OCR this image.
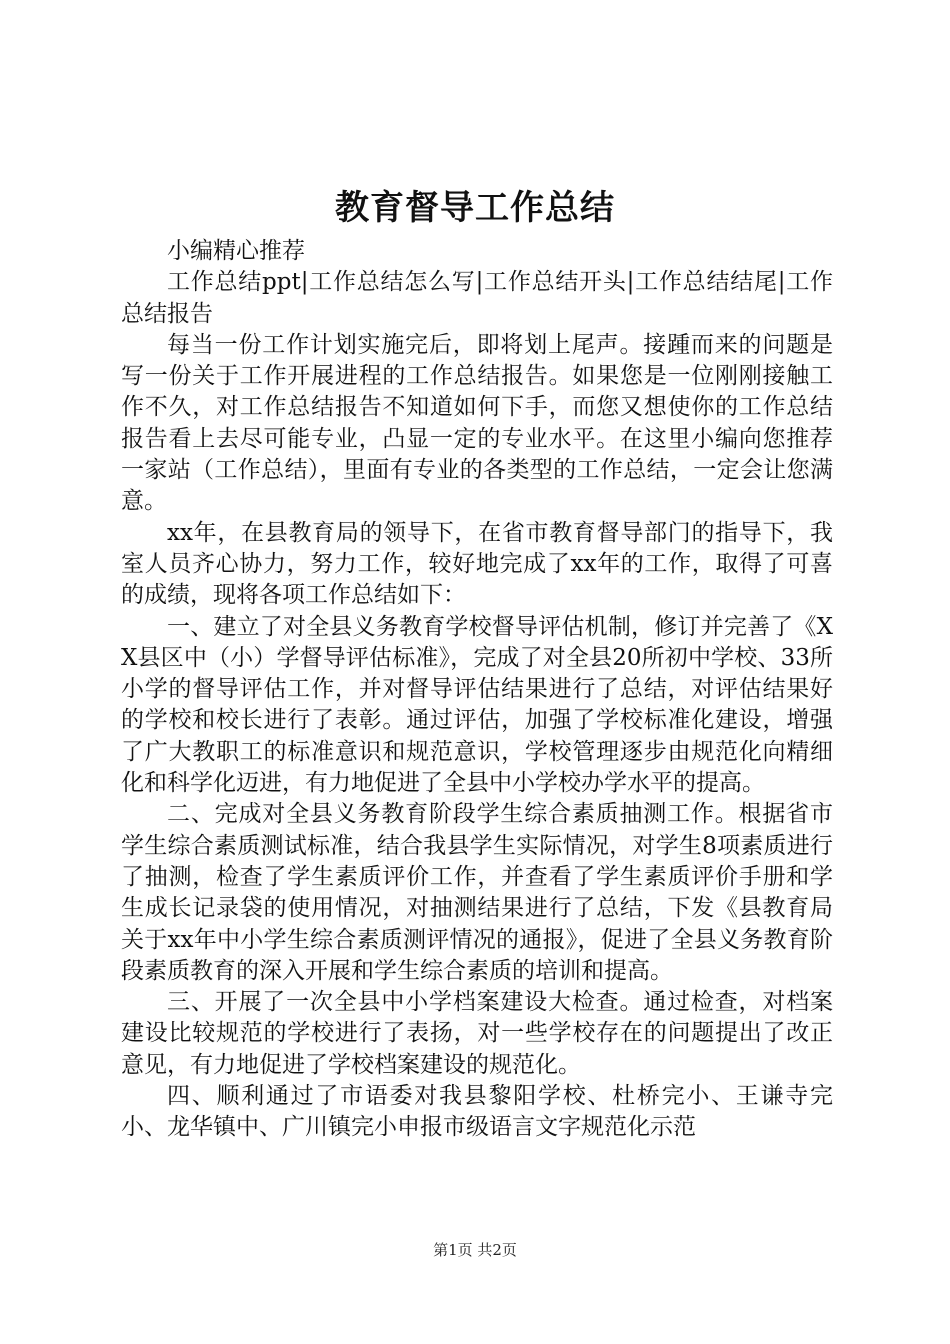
教育督导工作总结

小编精心推荐

工作总结ppt|工作总结怎么写|工作总结开头|工作总结结尾|工作总结报告

每当一份工作计划实施完后，即将划上尾声。接踵而来的问题是写一份关于工作开展进程的工作总结报告。如果您是一位刚刚接触工作不久，对工作总结报告不知道如何下手，而您又想使你的工作总结报告看上去尽可能专业，凸显一定的专业水平。在这里小编向您推荐一家站（工作总结），里面有专业的各类型的工作总结，一定会让您满意。

xx年，在县教育局的领导下，在省市教育督导部门的指导下，我室人员齐心协力，努力工作，较好地完成了xx年的工作，取得了可喜的成绩，现将各项工作总结如下：

一、建立了对全县义务教育学校督导评估机制，修订并完善了《XX县区中（小）学督导评估标准》，完成了对全县20所初中学校、33所小学的督导评估工作，并对督导评估结果进行了总结，对评估结果好的学校和校长进行了表彰。通过评估，加强了学校标准化建设，增强了广大教职工的标准意识和规范意识，学校管理逐步由规范化向精细化和科学化迈进，有力地促进了全县中小学校办学水平的提高。

二、完成对全县义务教育阶段学生综合素质抽测工作。根据省市学生综合素质测试标准，结合我县学生实际情况，对学生8项素质进行了抽测，检查了学生素质评价工作，并查看了学生素质评价手册和学生成长记录袋的使用情况，对抽测结果进行了总结，下发《县教育局关于xx年中小学生综合素质测评情况的通报》，促进了全县义务教育阶段素质教育的深入开展和学生综合素质的培训和提高。

三、开展了一次全县中小学档案建设大检查。通过检查，对档案建设比较规范的学校进行了表扬，对一些学校存在的问题提出了改正意见，有力地促进了学校档案建设的规范化。

四、顺利通过了市语委对我县黎阳学校、杜桥完小、王谦寺完小、龙华镇中、广川镇完小申报市级语言文字规范化示范

第1页 共2页
